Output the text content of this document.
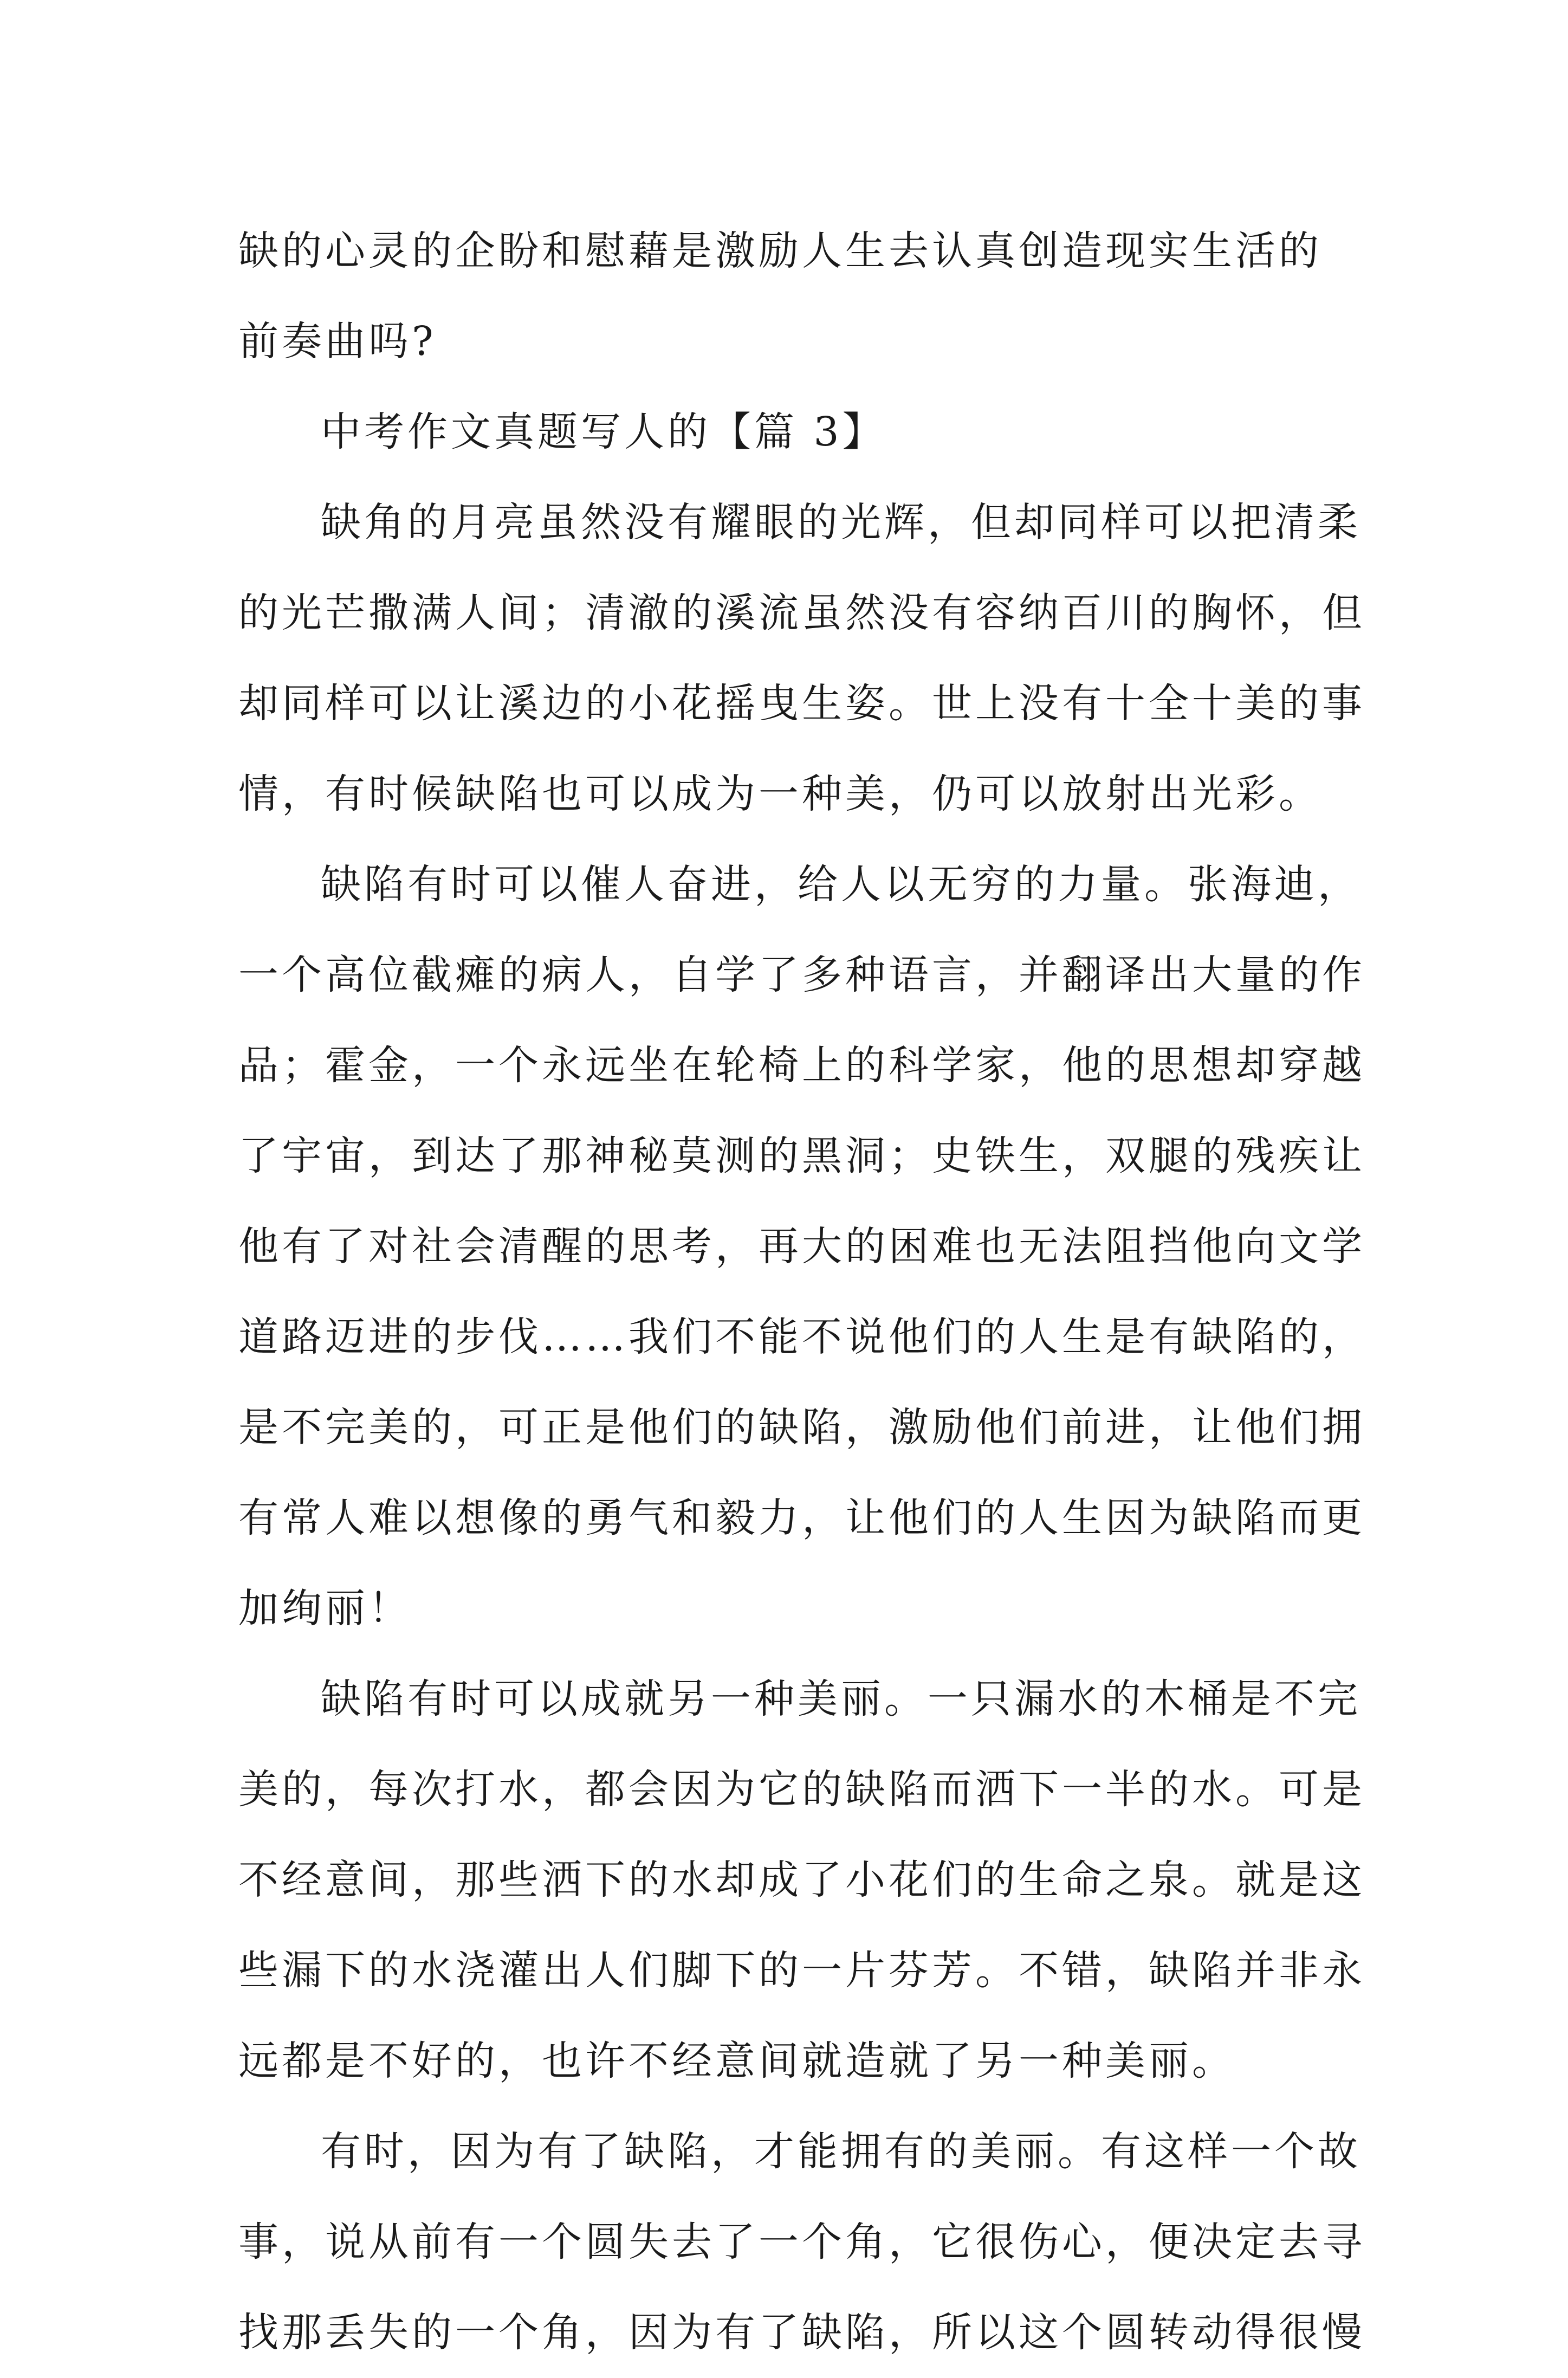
缺的心灵的企盼和慰藉是激励人生去认真创造现实生活的
前奏曲吗?
中考作文真题写人的【篇 3】
缺角的月亮虽然没有耀眼的光辉，但却同样可以把清柔
的光芒撒满人间；清澈的溪流虽然没有容纳百川的胸怀，但
却同样可以让溪边的小花摇曳生姿。世上没有十全十美的事
情，有时候缺陷也可以成为一种美，仍可以放射出光彩。
缺陷有时可以催人奋进，给人以无穷的力量。张海迪，
一个高位截瘫的病人，自学了多种语言，并翻译出大量的作
品；霍金，一个永远坐在轮椅上的科学家，他的思想却穿越
了宇宙，到达了那神秘莫测的黑洞；史铁生，双腿的残疾让
他有了对社会清醒的思考，再大的困难也无法阻挡他向文学
道路迈进的步伐……我们不能不说他们的人生是有缺陷的，
是不完美的，可正是他们的缺陷，激励他们前进，让他们拥
有常人难以想像的勇气和毅力，让他们的人生因为缺陷而更
加绚丽！
缺陷有时可以成就另一种美丽。一只漏水的木桶是不完
美的，每次打水，都会因为它的缺陷而洒下一半的水。可是
不经意间，那些洒下的水却成了小花们的生命之泉。就是这
些漏下的水浇灌出人们脚下的一片芬芳。不错，缺陷并非永
远都是不好的，也许不经意间就造就了另一种美丽。
有时，因为有了缺陷，才能拥有的美丽。有这样一个故
事，说从前有一个圆失去了一个角，它很伤心，便决定去寻
找那丢失的一个角，因为有了缺陷，所以这个圆转动得很慢
